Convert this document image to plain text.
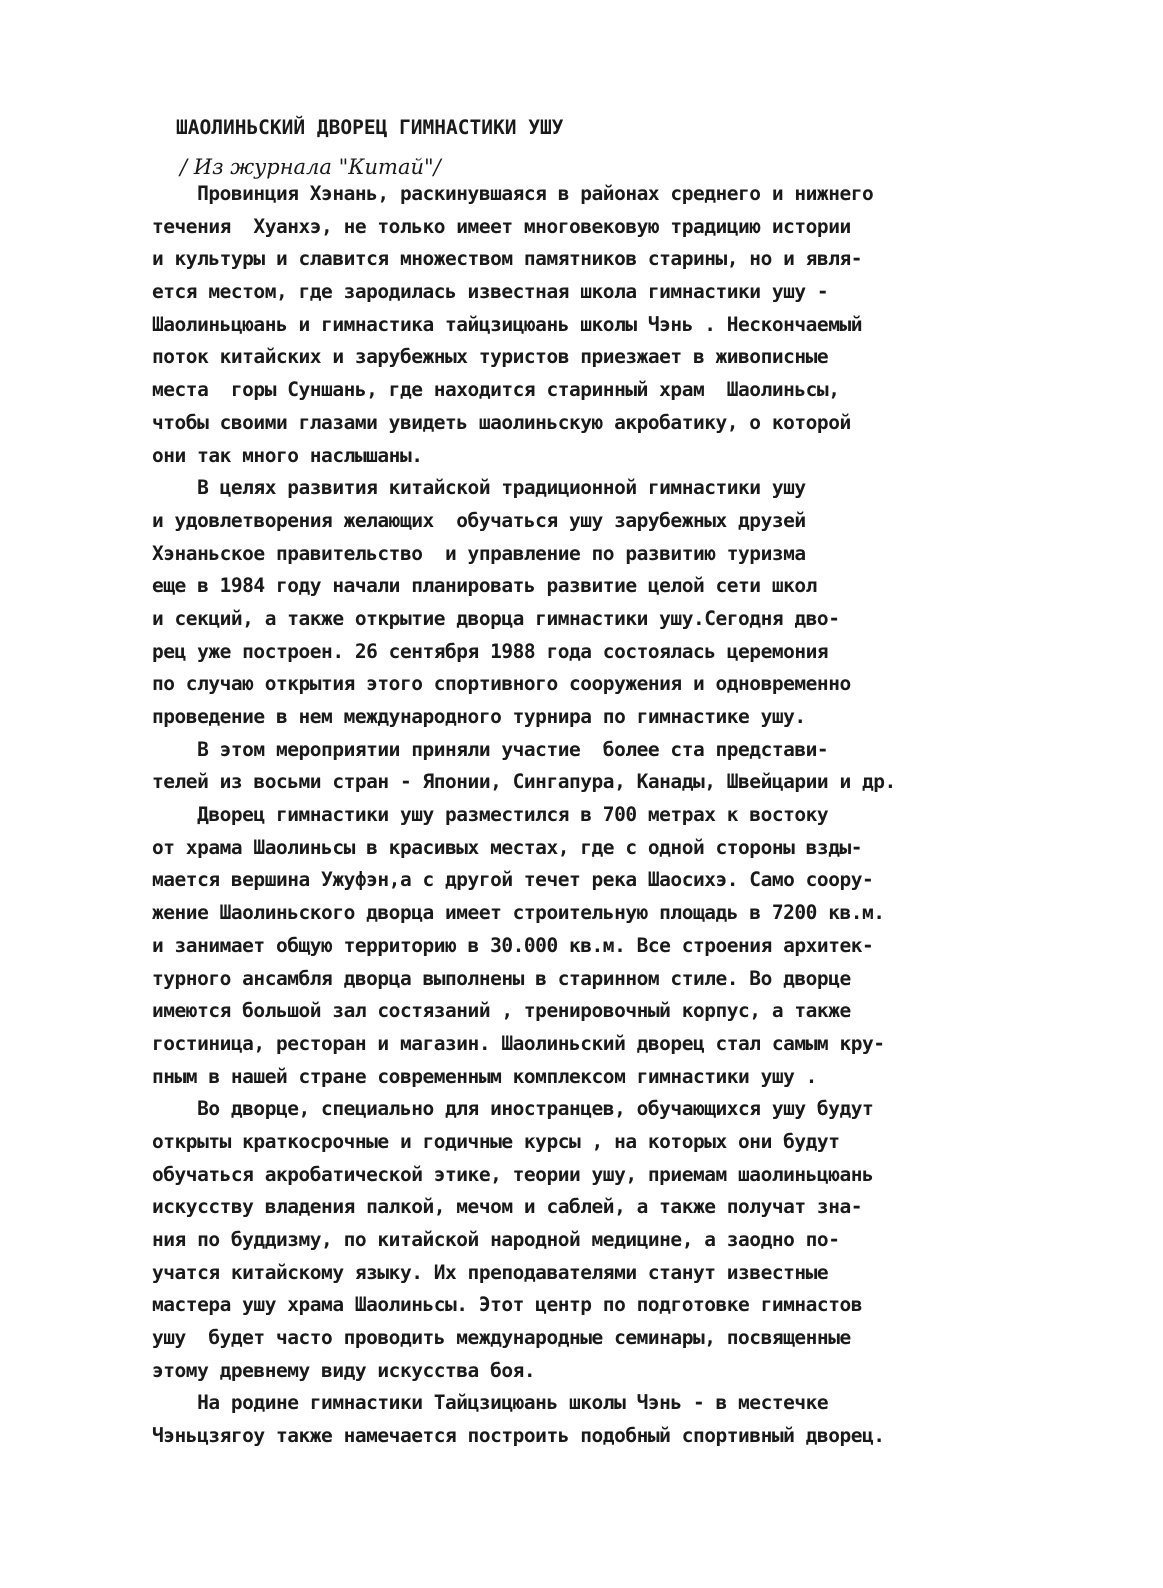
ШАОЛИНЬСКИЙ ДВОРЕЦ ГИМНАСТИКИ УШУ
/ Из журнала "Китай"/
Провинция Хэнань, раскинувшаяся в районах среднего и нижнего
течения  Хуанхэ, не только имеет многовековую традицию истории
и культуры и славится множеством памятников старины, но и явля-
ется местом, где зародилась известная школа гимнастики ушу -
Шаолиньцюань и гимнастика тайцзицюань школы Чэнь . Нескончаемый
поток китайских и зарубежных туристов приезжает в живописные
места  горы Суншань, где находится старинный храм  Шаолиньсы,
чтобы своими глазами увидеть шаолиньскую акробатику, о которой
они так много наслышаны.
В целях развития китайской традиционной гимнастики ушу
и удовлетворения желающих  обучаться ушу зарубежных друзей
Хэнаньское правительство  и управление по развитию туризма
еще в 1984 году начали планировать развитие целой сети школ
и секций, а также открытие дворца гимнастики ушу.Сегодня дво-
рец уже построен. 26 сентября 1988 года состоялась церемония
по случаю открытия этого спортивного сооружения и одновременно
проведение в нем международного турнира по гимнастике ушу.
В этом мероприятии приняли участие  более ста представи-
телей из восьми стран - Японии, Сингапура, Канады, Швейцарии и др.
Дворец гимнастики ушу разместился в 700 метрах к востоку
от храма Шаолиньсы в красивых местах, где с одной стороны взды-
мается вершина Ужуфэн,а с другой течет река Шаосихэ. Само соору-
жение Шаолиньского дворца имеет строительную площадь в 7200 кв.м.
и занимает общую территорию в 30.000 кв.м. Все строения архитек-
турного ансамбля дворца выполнены в старинном стиле. Во дворце
имеются большой зал состязаний , тренировочный корпус, а также
гостиница, ресторан и магазин. Шаолиньский дворец стал самым кру-
пным в нашей стране современным комплексом гимнастики ушу .
Во дворце, специально для иностранцев, обучающихся ушу будут
открыты краткосрочные и годичные курсы , на которых они будут
обучаться акробатической этике, теории ушу, приемам шаолиньцюань
искусству владения палкой, мечом и саблей, а также получат зна-
ния по буддизму, по китайской народной медицине, а заодно по-
учатся китайскому языку. Их преподавателями станут известные
мастера ушу храма Шаолиньсы. Этот центр по подготовке гимнастов
ушу  будет часто проводить международные семинары, посвященные
этому древнему виду искусства боя.
На родине гимнастики Тайцзицюань школы Чэнь - в местечке
Чэньцзягоу также намечается построить подобный спортивный дворец.
